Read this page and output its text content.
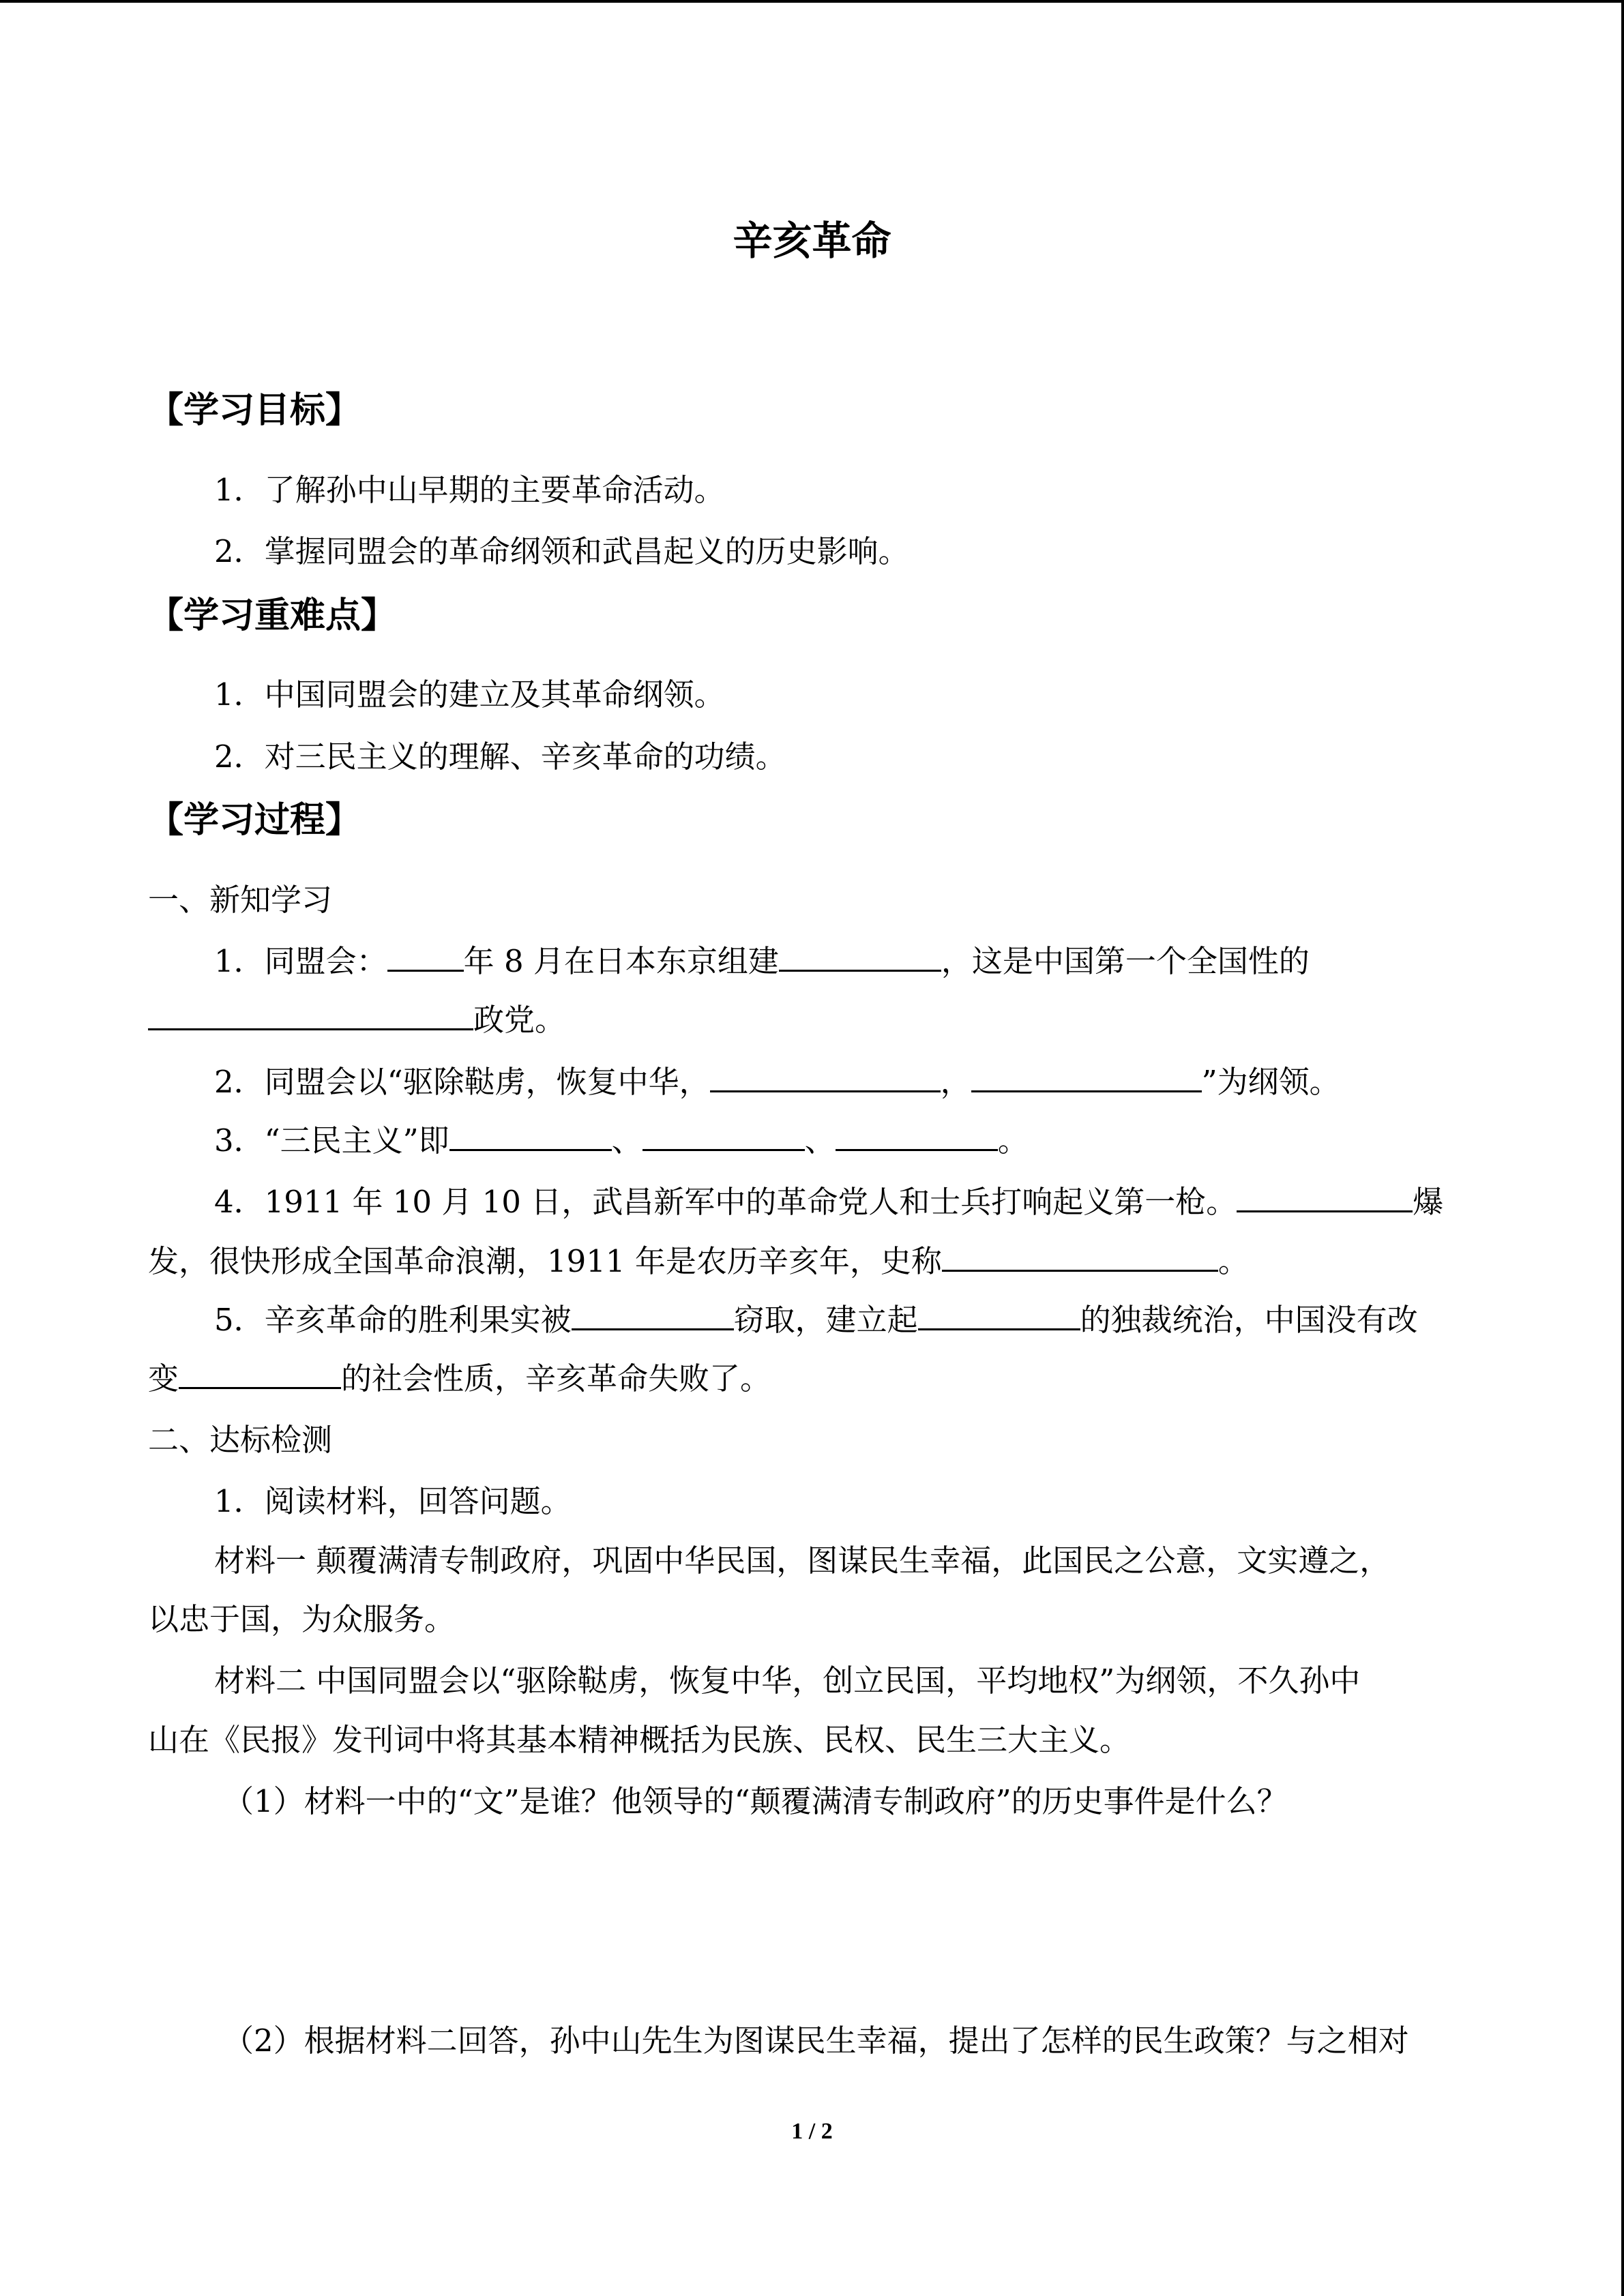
辛亥革命
【学习目标】
1．了解孙中山早期的主要革命活动。
2．掌握同盟会的革命纲领和武昌起义的历史影响。
【学习重难点】
1．中国同盟会的建立及其革命纲领。
2．对三民主义的理解、辛亥革命的功绩。
【学习过程】
一、新知学习
1．同盟会： 年 8 月在日本东京组建	，这是中国第一个全国性的
政党。
2．同盟会以“驱除鞑虏，恢复中华，	，	”为纲领。
3．“三民主义”即	、	、	。
4．1911 年 10 月 10 日，武昌新军中的革命党人和士兵打响起义第一枪。	爆
发，很快形成全国革命浪潮，1911 年是农历辛亥年，史称	。
5．辛亥革命的胜利果实被	窃取，建立起	的独裁统治，中国没有改
变	的社会性质，辛亥革命失败了。
二、达标检测
1．阅读材料，回答问题。
材料一 颠覆满清专制政府，巩固中华民国，图谋民生幸福，此国民之公意，文实遵之，
以忠于国，为众服务。
材料二 中国同盟会以“驱除鞑虏，恢复中华，创立民国，平均地权”为纲领，不久孙中
山在《民报》发刊词中将其基本精神概括为民族、民权、民生三大主义。
（1）材料一中的“文”是谁？他领导的“颠覆满清专制政府”的历史事件是什么？
（2）根据材料二回答，孙中山先生为图谋民生幸福，提出了怎样的民生政策？与之相对
1 / 2
